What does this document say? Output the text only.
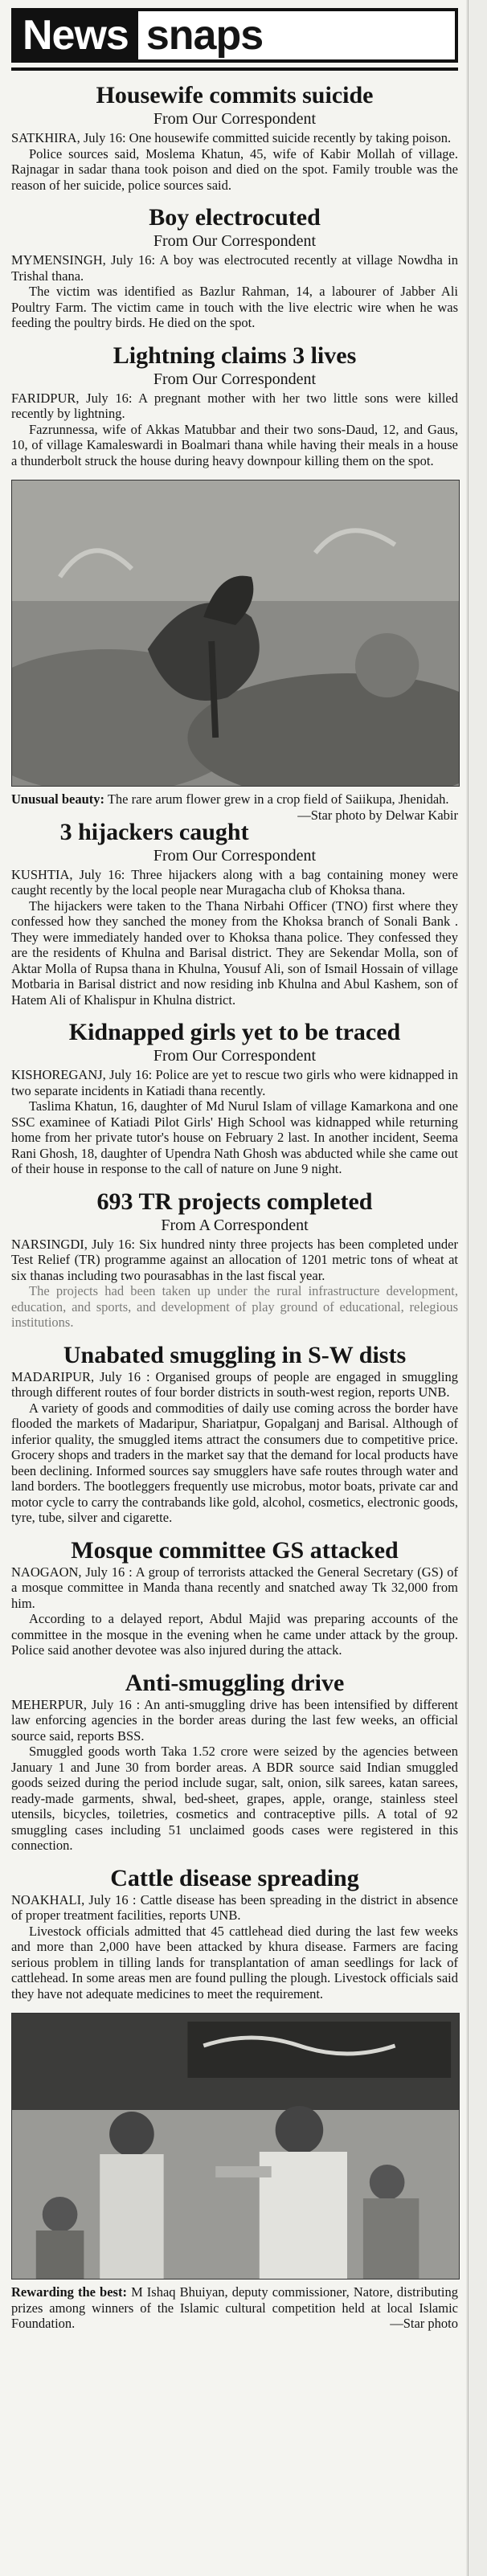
News snaps
Housewife commits suicide
From Our Correspondent

SATKHIRA, July 16: One housewife committed suicide recently by taking poison.

Police sources said, Moslema Khatun, 45, wife of Kabir Mollah of village. Rajnagar in sadar thana took poison and died on the spot. Family trouble was the reason of her suicide, police sources said.

Boy electrocuted
From Our Correspondent

MYMENSINGH, July 16: A boy was electrocuted recently at village Nowdha in Trishal thana.

The victim was identified as Bazlur Rahman, 14, a labourer of Jabber Ali Poultry Farm. The victim came in touch with the live electric wire when he was feeding the poultry birds. He died on the spot.

Lightning claims 3 lives
From Our Correspondent

FARIDPUR, July 16: A pregnant mother with her two little sons were killed recently by lightning.

Fazrunnessa, wife of Akkas Matubbar and their two sons-Daud, 12, and Gaus, 10, of village Kamaleswardi in Boalmari thana while having their meals in a house a thunderbolt struck the house during heavy downpour killing them on the spot.

Unusual beauty: The rare arum flower grew in a crop field of Saiikupa, Jhenidah.
—Star photo by Delwar Kabir
3 hijackers caught
From Our Correspondent

KUSHTIA, July 16: Three hijackers along with a bag containing money were caught recently by the local people near Muragacha club of Khoksa thana.

The hijackers were taken to the Thana Nirbahi Officer (TNO) first where they confessed how they sanched the money from the Khoksa branch of Sonali Bank . They were immediately handed over to Khoksa thana police. They confessed they are the residents of Khulna and Barisal district. They are Sekendar Molla, son of Aktar Molla of Rupsa thana in Khulna, Yousuf Ali, son of Ismail Hossain of village Motbaria in Barisal district and now residing inb Khulna and Abul Kashem, son of Hatem Ali of Khalispur in Khulna district.

Kidnapped girls yet to be traced
From Our Correspondent

KISHOREGANJ, July 16: Police are yet to rescue two girls who were kidnapped in two separate incidents in Katiadi thana recently.

Taslima Khatun, 16, daughter of Md Nurul Islam of village Kamarkona and one SSC examinee of Katiadi Pilot Girls' High School was kidnapped while returning home from her private tutor's house on February 2 last. In another incident, Seema Rani Ghosh, 18, daughter of Upendra Nath Ghosh was abducted while she came out of their house in response to the call of nature on June 9 night.

693 TR projects completed
From A Correspondent

NARSINGDI, July 16: Six hundred ninty three projects has been completed under Test Relief (TR) programme against an allocation of 1201 metric tons of wheat at six thanas including two pourasabhas in the last fiscal year.

The projects had been taken up under the rural infrastructure development, education, and sports, and development of play ground of educational, relegious institutions.

Unabated smuggling in S-W dists

MADARIPUR, July 16 : Organised groups of people are engaged in smuggling through different routes of four border districts in south-west region, reports UNB.

A variety of goods and commodities of daily use coming across the border have flooded the markets of Madaripur, Shariatpur, Gopalganj and Barisal. Although of inferior quality, the smuggled items attract the consumers due to competitive price. Grocery shops and traders in the market say that the demand for local products have been declining. Informed sources say smugglers have safe routes through water and land borders. The bootleggers frequently use microbus, motor boats, private car and motor cycle to carry the contrabands like gold, alcohol, cosmetics, electronic goods, tyre, tube, silver and cigarette.

Mosque committee GS attacked

NAOGAON, July 16 : A group of terrorists attacked the General Secretary (GS) of a mosque committee in Manda thana recently and snatched away Tk 32,000 from him.

According to a delayed report, Abdul Majid was preparing accounts of the committee in the mosque in the evening when he came under attack by the group. Police said another devotee was also injured during the attack.

Anti-smuggling drive

MEHERPUR, July 16 : An anti-smuggling drive has been intensified by different law enforcing agencies in the border areas during the last few weeks, an official source said, reports BSS.

Smuggled goods worth Taka 1.52 crore were seized by the agencies between January 1 and June 30 from border areas. A BDR source said Indian smuggled goods seized during the period include sugar, salt, onion, silk sarees, katan sarees, ready-made garments, shwal, bed-sheet, grapes, apple, orange, stainless steel utensils, bicycles, toiletries, cosmetics and contraceptive pills. A total of 92 smuggling cases including 51 unclaimed goods cases were registered in this connection.

Cattle disease spreading

NOAKHALI, July 16 : Cattle disease has been spreading in the district in absence of proper treatment facilities, reports UNB.

Livestock officials admitted that 45 cattlehead died during the last few weeks and more than 2,000 have been attacked by khura disease. Farmers are facing serious problem in tilling lands for transplantation of aman seedlings for lack of cattlehead. In some areas men are found pulling the plough. Livestock officials said they have not adequate medicines to meet the requirement.

Rewarding the best: M Ishaq Bhuiyan, deputy commissioner, Natore, distributing prizes among winners of the Islamic cultural competition held at local Islamic Foundation.	—Star photo
